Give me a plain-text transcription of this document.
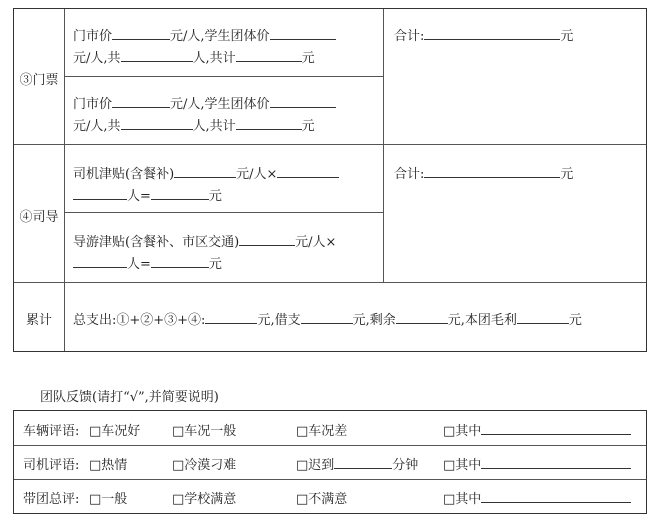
③门票
门市价	元/人,学生团体价
元/人,共	人,共计	元
门市价	元/人,学生团体价
元/人,共	人,共计	元
合计:	元
④司导
司机津贴(含餐补)	元/人×
人=	元
导游津贴(含餐补、市区交通)	元/人×
人=	元
合计:	元
累计	总支出:①+②+③+④:	元,借支	元,剩余	元,本团毛利	元
团队反馈(请打“√”,并简要说明)
车辆评语: □车况好 □车况一般	□车况差	□其中
司机评语: □热情	□冷漠刁难	□迟到	分钟 □其中
带团总评: □一般	□学校满意	□不满意	□其中
